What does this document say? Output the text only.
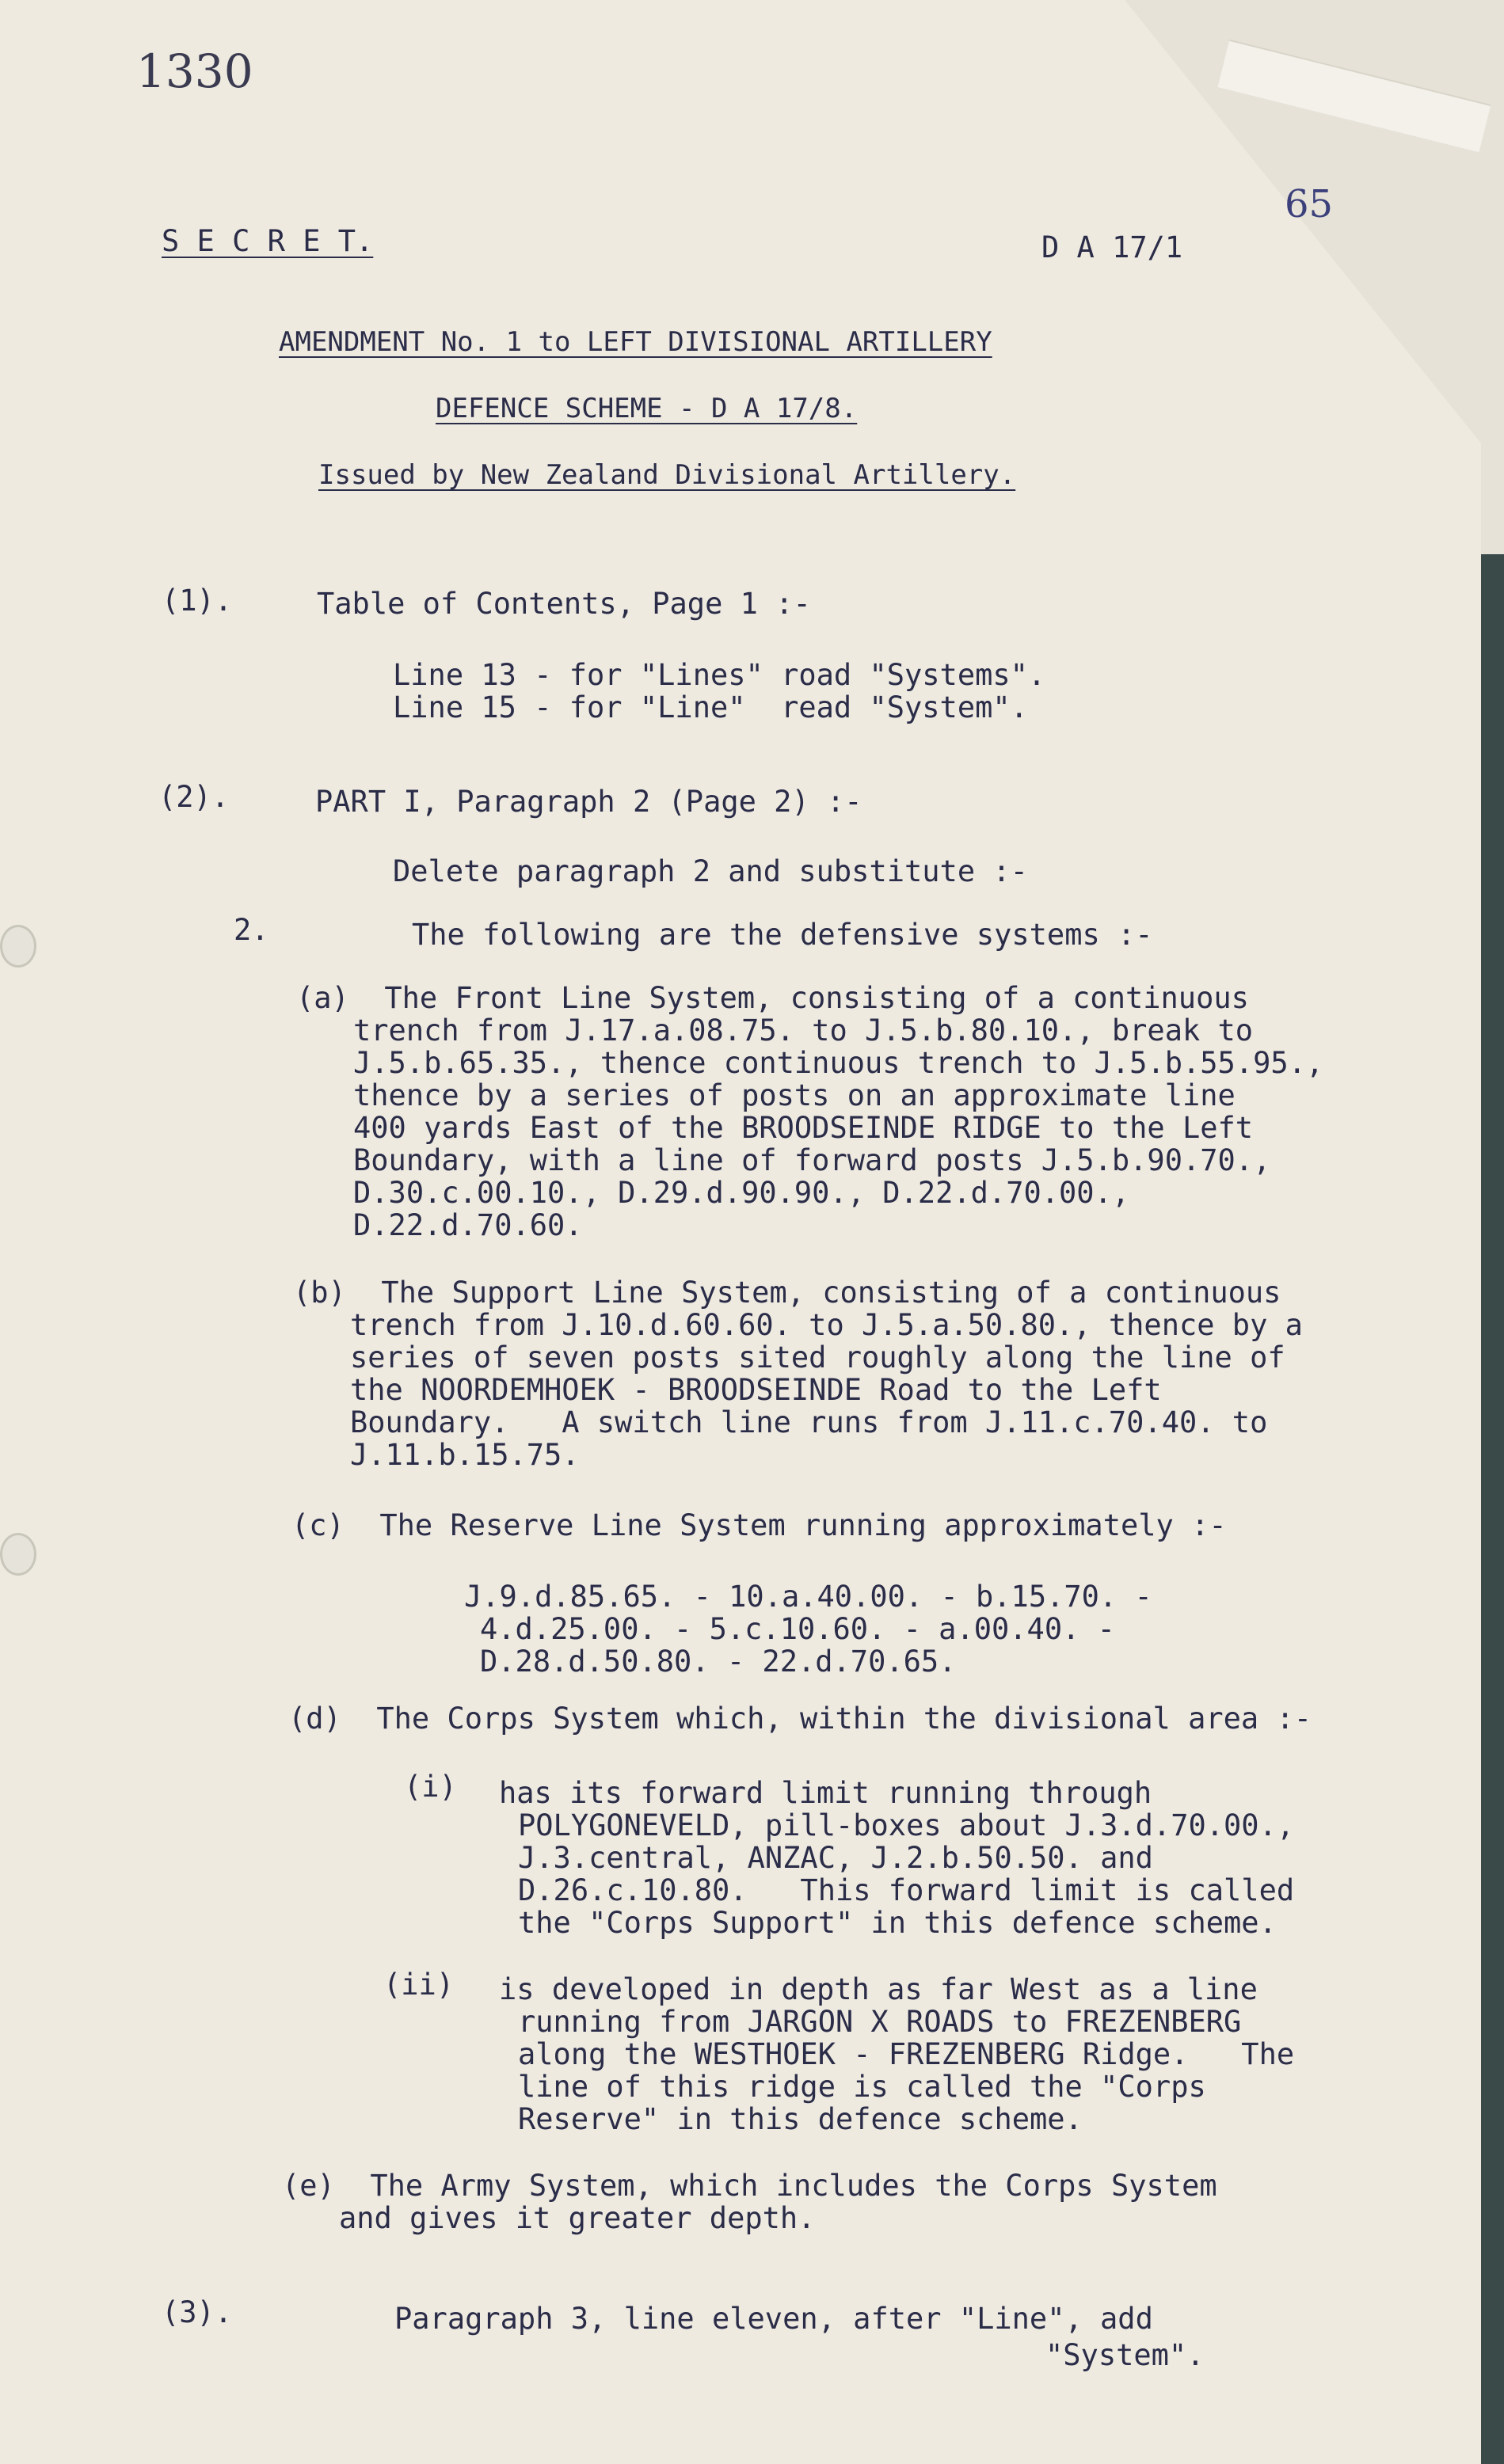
1330
65
S E C R E T.	D A 17/1
AMENDMENT No. 1 to LEFT DIVISIONAL ARTILLERY
DEFENCE SCHEME - D A 17/8.
Issued by New Zealand Divisional Artillery.
(1).	Table of Contents, Page 1 :-
Line 13 - for "Lines" road "Systems".
Line 15 - for "Line"  read "System".
(2).	PART I, Paragraph 2 (Page 2) :-
Delete paragraph 2 and substitute :-
2.	The following are the defensive systems :-
(a)  The Front Line System, consisting of a continuous
trench from J.17.a.08.75. to J.5.b.80.10., break to
J.5.b.65.35., thence continuous trench to J.5.b.55.95.,
thence by a series of posts on an approximate line
400 yards East of the BROODSEINDE RIDGE to the Left
Boundary, with a line of forward posts J.5.b.90.70.,
D.30.c.00.10., D.29.d.90.90., D.22.d.70.00.,
D.22.d.70.60.
(b)  The Support Line System, consisting of a continuous
trench from J.10.d.60.60. to J.5.a.50.80., thence by a
series of seven posts sited roughly along the line of
the NOORDEMHOEK - BROODSEINDE Road to the Left
Boundary.   A switch line runs from J.11.c.70.40. to
J.11.b.15.75.
(c)  The Reserve Line System running approximately :-
J.9.d.85.65. - 10.a.40.00. - b.15.70. -
4.d.25.00. - 5.c.10.60. - a.00.40. -
D.28.d.50.80. - 22.d.70.65.
(d)  The Corps System which, within the divisional area :-
(i) has its forward limit running through
POLYGONEVELD, pill-boxes about J.3.d.70.00.,
J.3.central, ANZAC, J.2.b.50.50. and
D.26.c.10.80.   This forward limit is called
the "Corps Support" in this defence scheme.
(ii) is developed in depth as far West as a line
running from JARGON X ROADS to FREZENBERG
along the WESTHOEK - FREZENBERG Ridge.   The
line of this ridge is called the "Corps
Reserve" in this defence scheme.
(e)  The Army System, which includes the Corps System
and gives it greater depth.
(3).	Paragraph 3, line eleven, after "Line", add
"System".
